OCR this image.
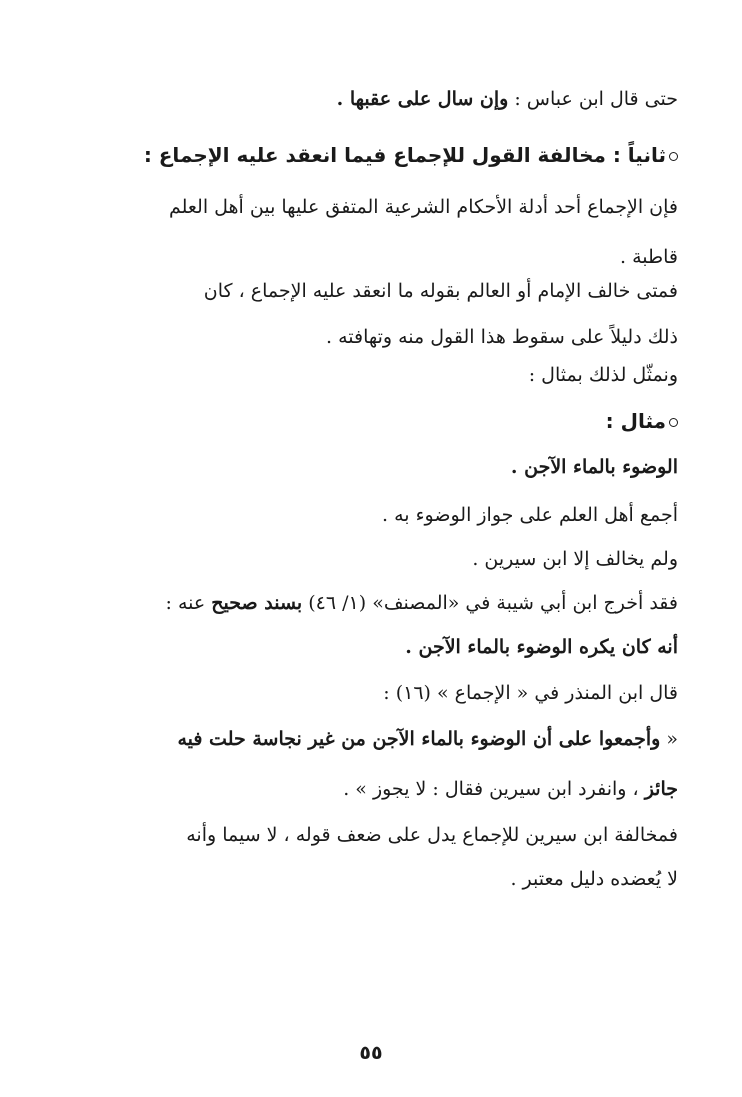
حتى قال ابن عباس : وإن سال على عقبها .
ثانياً : مخالفة القول للإجماع فيما انعقد عليه الإجماع :
فإن الإجماع أحد أدلة الأحكام الشرعية المتفق عليها بين أهل العلم
قاطبة .
فمتى خالف الإمام أو العالم بقوله ما انعقد عليه الإجماع ، كان
ذلك دليلاً على سقوط هذا القول منه وتهافته .
ونمثّل لذلك بمثال :
مثال :
الوضوء بالماء الآجن .
أجمع أهل العلم على جواز الوضوء به .
ولم يخالف إلا ابن سيرين .
فقد أخرج ابن أبي شيبة في «المصنف» (١/ ٤٦) بسند صحيح عنه :
أنه كان يكره الوضوء بالماء الآجن .
قال ابن المنذر في « الإجماع » (١٦) :
« وأجمعوا على أن الوضوء بالماء الآجن من غير نجاسة حلت فيه
جائز ، وانفرد ابن سيرين فقال : لا يجوز » .
فمخالفة ابن سيرين للإجماع يدل على ضعف قوله ، لا سيما وأنه
لا يُعضده دليل معتبر .
٥٥
